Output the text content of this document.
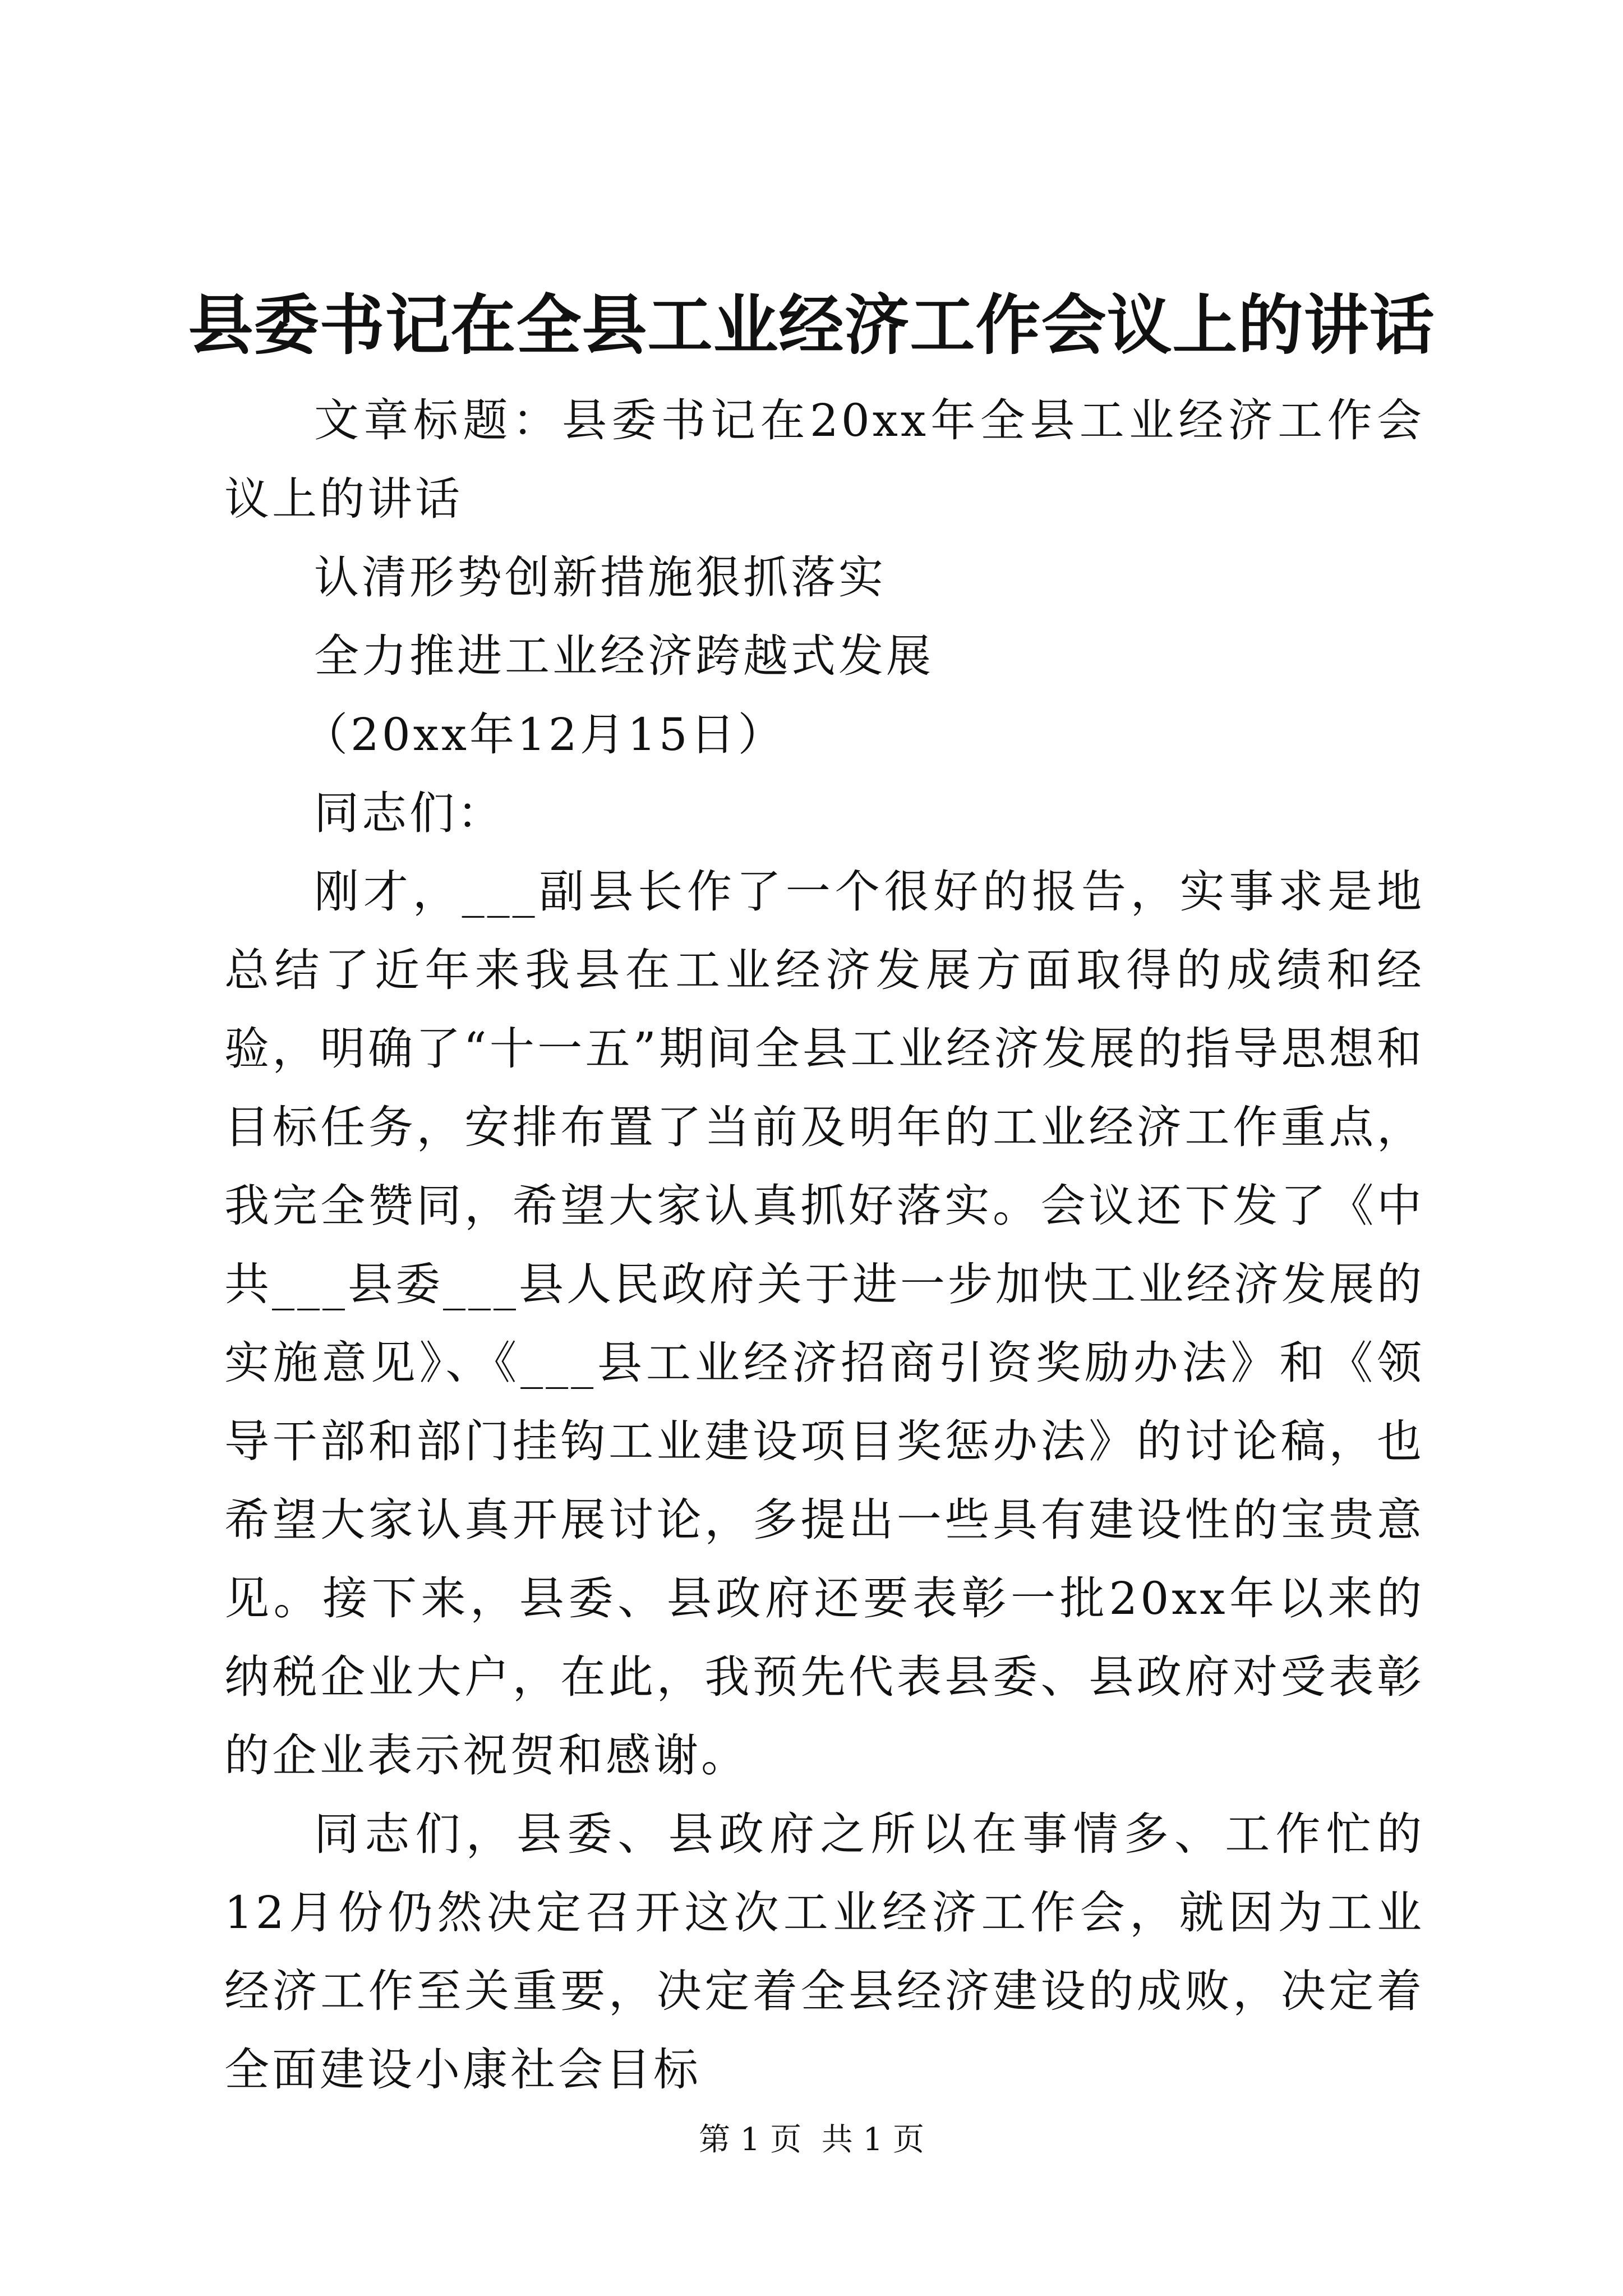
县委书记在全县工业经济工作会议上的讲话

文章标题：县委书记在20xx年全县工业经济工作会议上的讲话

认清形势创新措施狠抓落实

全力推进工业经济跨越式发展

（20xx年12月15日）

同志们：

刚才，___副县长作了一个很好的报告，实事求是地总结了近年来我县在工业经济发展方面取得的成绩和经验，明确了“十一五”期间全县工业经济发展的指导思想和目标任务，安排布置了当前及明年的工业经济工作重点，我完全赞同，希望大家认真抓好落实。会议还下发了《中共___县委___县人民政府关于进一步加快工业经济发展的实施意见》、《___县工业经济招商引资奖励办法》和《领导干部和部门挂钩工业建设项目奖惩办法》的讨论稿，也希望大家认真开展讨论，多提出一些具有建设性的宝贵意见。接下来，县委、县政府还要表彰一批20xx年以来的纳税企业大户，在此，我预先代表县委、县政府对受表彰的企业表示祝贺和感谢。

同志们，县委、县政府之所以在事情多、工作忙的12月份仍然决定召开这次工业经济工作会，就因为工业经济工作至关重要，决定着全县经济建设的成败，决定着全面建设小康社会目标

第 1 页  共 1 页
